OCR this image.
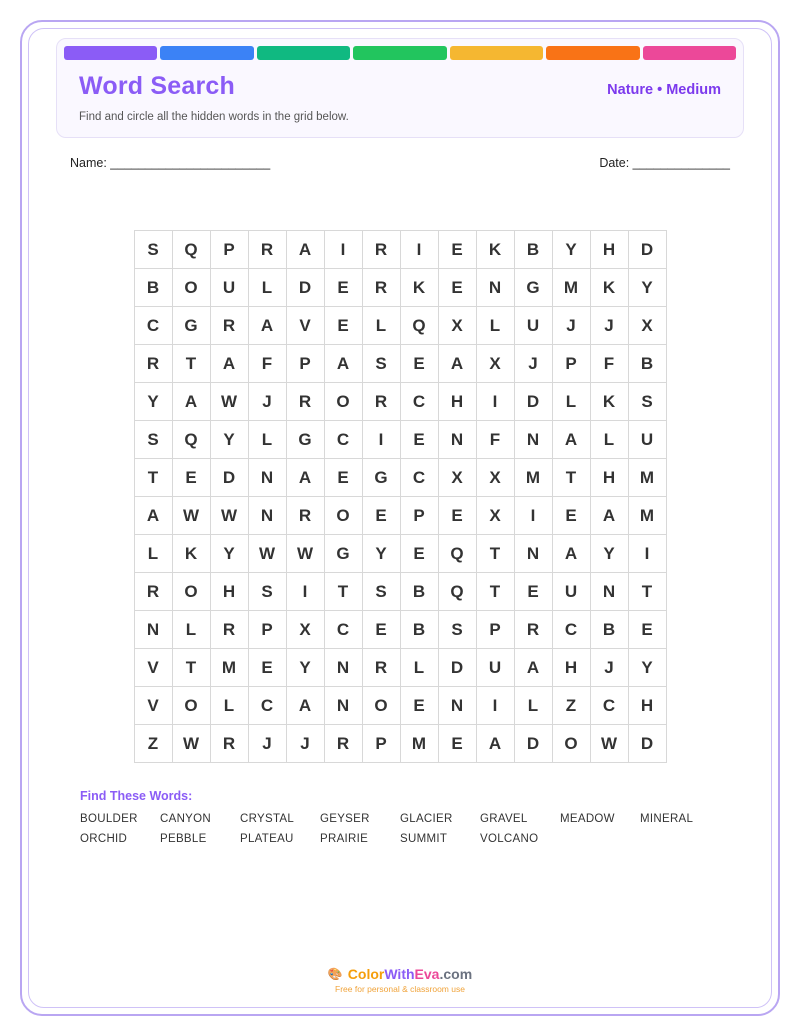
Word Search	Nature • Medium
Find and circle all the hidden words in the grid below.
Name: _______________________	Date: ______________
S	Q	P	R	A	I	R	I	E	K	B	Y	H	D
B	O	U	L	D	E	R	K	E	N	G	M	K	Y
C	G	R	A	V	E	L	Q	X	L	U	J	J	X
R	T	A	F	P	A	S	E	A	X	J	P	F	B
Y	A	W	J	R	O	R	C	H	I	D	L	K	S
S	Q	Y	L	G	C	I	E	N	F	N	A	L	U
T	E	D	N	A	E	G	C	X	X	M	T	H	M
A	W	W	N	R	O	E	P	E	X	I	E	A	M
L	K	Y	W	W	G	Y	E	Q	T	N	A	Y	I
R	O	H	S	I	T	S	B	Q	T	E	U	N	T
N	L	R	P	X	C	E	B	S	P	R	C	B	E
V	T	M	E	Y	N	R	L	D	U	A	H	J	Y
V	O	L	C	A	N	O	E	N	I	L	Z	C	H
Z	W	R	J	J	R	P	M	E	A	D	O	W	D
Find These Words:
BOULDER	CANYON	CRYSTAL	GEYSER	GLACIER	GRAVEL	MEADOW	MINERAL
ORCHID	PEBBLE	PLATEAU	PRAIRIE	SUMMIT	VOLCANO
🎨 ColorWithEva.com
Free for personal & classroom use
